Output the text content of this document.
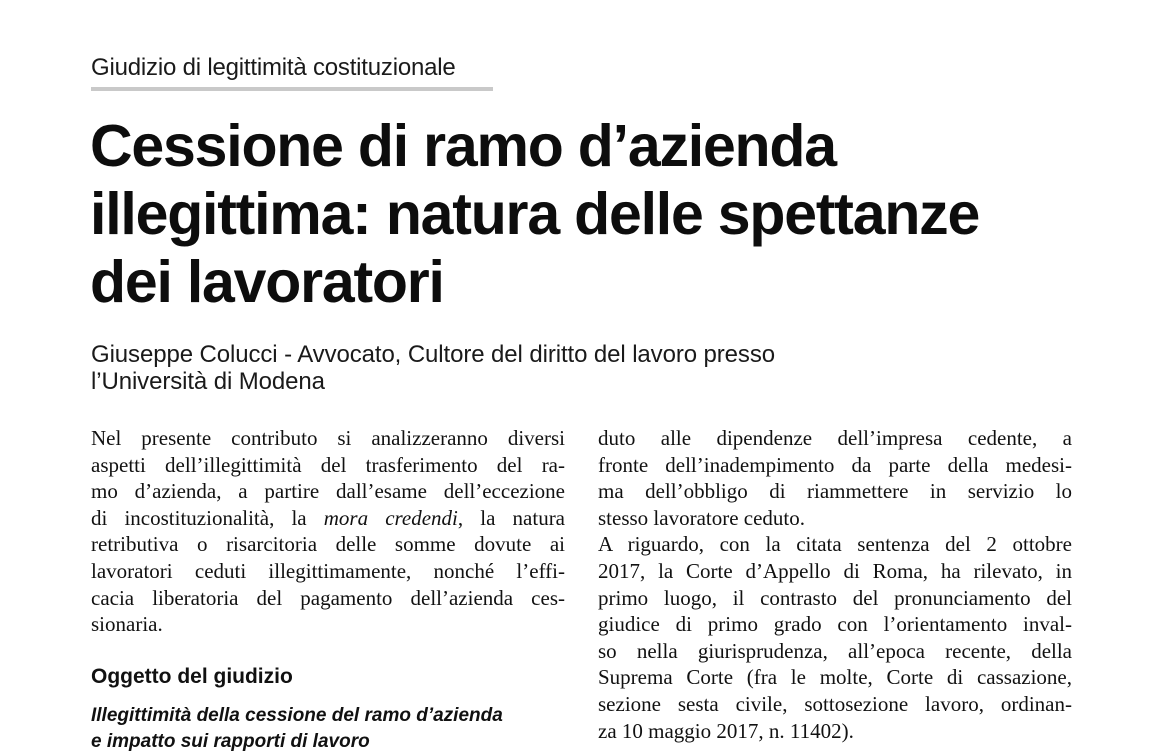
Giudizio di legittimità costituzionale
Cessione di ramo d’azienda
illegittima: natura delle spettanze
dei lavoratori
Giuseppe Colucci - Avvocato, Cultore del diritto del lavoro presso
l’Università di Modena
Nel presente contributo si analizzeranno diversi
aspetti dell’illegittimità del trasferimento del ra-
mo d’azienda, a partire dall’esame dell’eccezione
di incostituzionalità, la mora credendi, la natura
retributiva o risarcitoria delle somme dovute ai
lavoratori ceduti illegittimamente, nonché l’effi-
cacia liberatoria del pagamento dell’azienda ces-
sionaria.
Oggetto del giudizio
Illegittimità della cessione del ramo d’azienda
e impatto sui rapporti di lavoro
duto alle dipendenze dell’impresa cedente, a
fronte dell’inadempimento da parte della medesi-
ma dell’obbligo di riammettere in servizio lo
stesso lavoratore ceduto.
A riguardo, con la citata sentenza del 2 ottobre
2017, la Corte d’Appello di Roma, ha rilevato, in
primo luogo, il contrasto del pronunciamento del
giudice di primo grado con l’orientamento inval-
so nella giurisprudenza, all’epoca recente, della
Suprema Corte (fra le molte, Corte di cassazione,
sezione sesta civile, sottosezione lavoro, ordinan-
za 10 maggio 2017, n. 11402).
